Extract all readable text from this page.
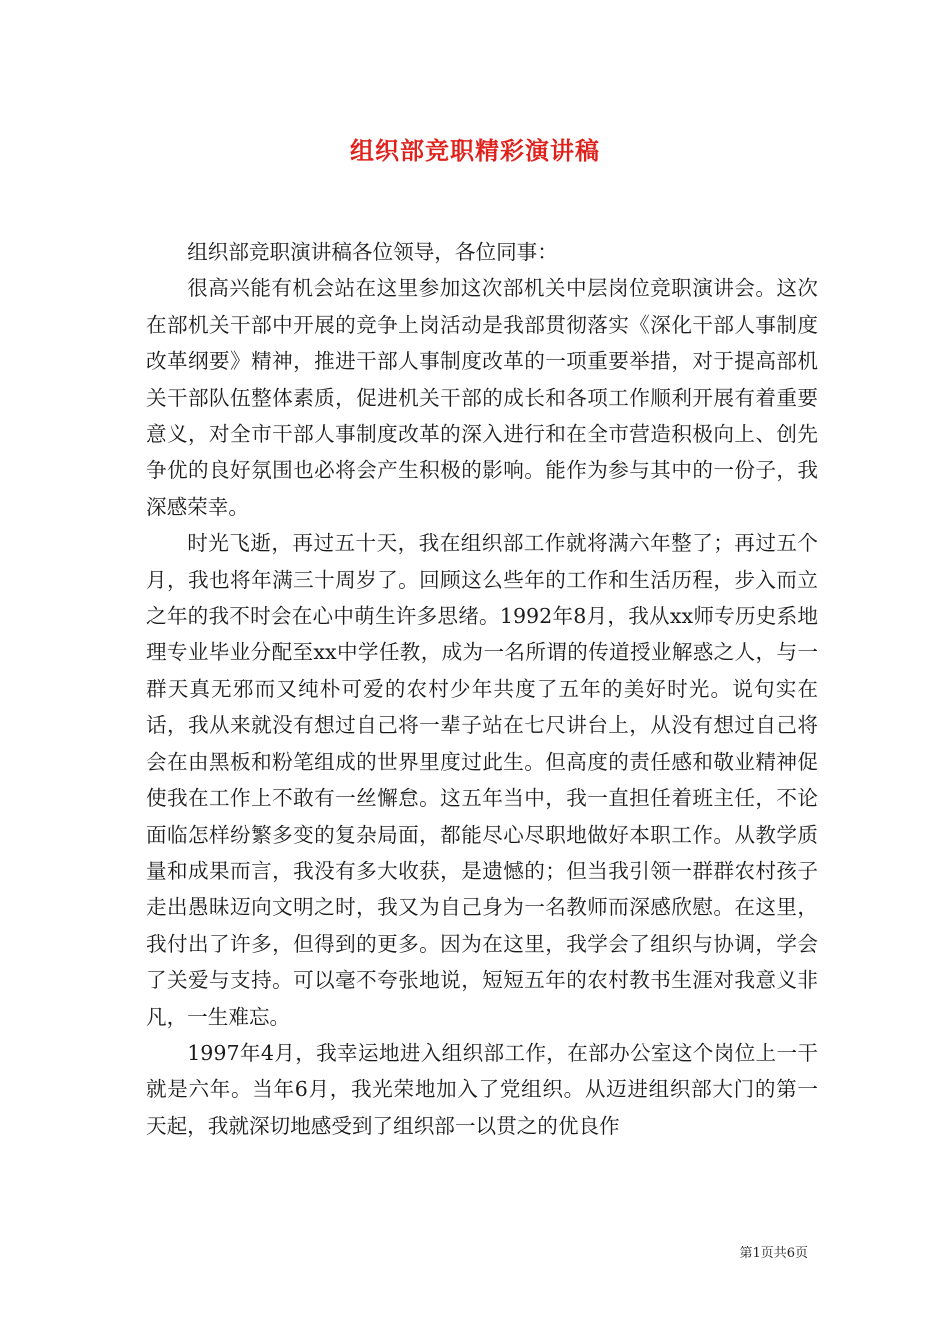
组织部竞职精彩演讲稿

组织部竞职演讲稿各位领导，各位同事：

很高兴能有机会站在这里参加这次部机关中层岗位竞职演讲会。这次在部机关干部中开展的竞争上岗活动是我部贯彻落实《深化干部人事制度改革纲要》精神，推进干部人事制度改革的一项重要举措，对于提高部机关干部队伍整体素质，促进机关干部的成长和各项工作顺利开展有着重要意义，对全市干部人事制度改革的深入进行和在全市营造积极向上、创先争优的良好氛围也必将会产生积极的影响。能作为参与其中的一份子，我深感荣幸。

时光飞逝，再过五十天，我在组织部工作就将满六年整了；再过五个月，我也将年满三十周岁了。回顾这么些年的工作和生活历程，步入而立之年的我不时会在心中萌生许多思绪。1992年8月，我从xx师专历史系地理专业毕业分配至xx中学任教，成为一名所谓的传道授业解惑之人，与一群天真无邪而又纯朴可爱的农村少年共度了五年的美好时光。说句实在话，我从来就没有想过自己将一辈子站在七尺讲台上，从没有想过自己将会在由黑板和粉笔组成的世界里度过此生。但高度的责任感和敬业精神促使我在工作上不敢有一丝懈怠。这五年当中，我一直担任着班主任，不论面临怎样纷繁多变的复杂局面，都能尽心尽职地做好本职工作。从教学质量和成果而言，我没有多大收获，是遗憾的；但当我引领一群群农村孩子走出愚昧迈向文明之时，我又为自己身为一名教师而深感欣慰。在这里，我付出了许多，但得到的更多。因为在这里，我学会了组织与协调，学会了关爱与支持。可以毫不夸张地说，短短五年的农村教书生涯对我意义非凡，一生难忘。

1997年4月，我幸运地进入组织部工作，在部办公室这个岗位上一干就是六年。当年6月，我光荣地加入了党组织。从迈进组织部大门的第一天起，我就深切地感受到了组织部一以贯之的优良作

第1页共6页
